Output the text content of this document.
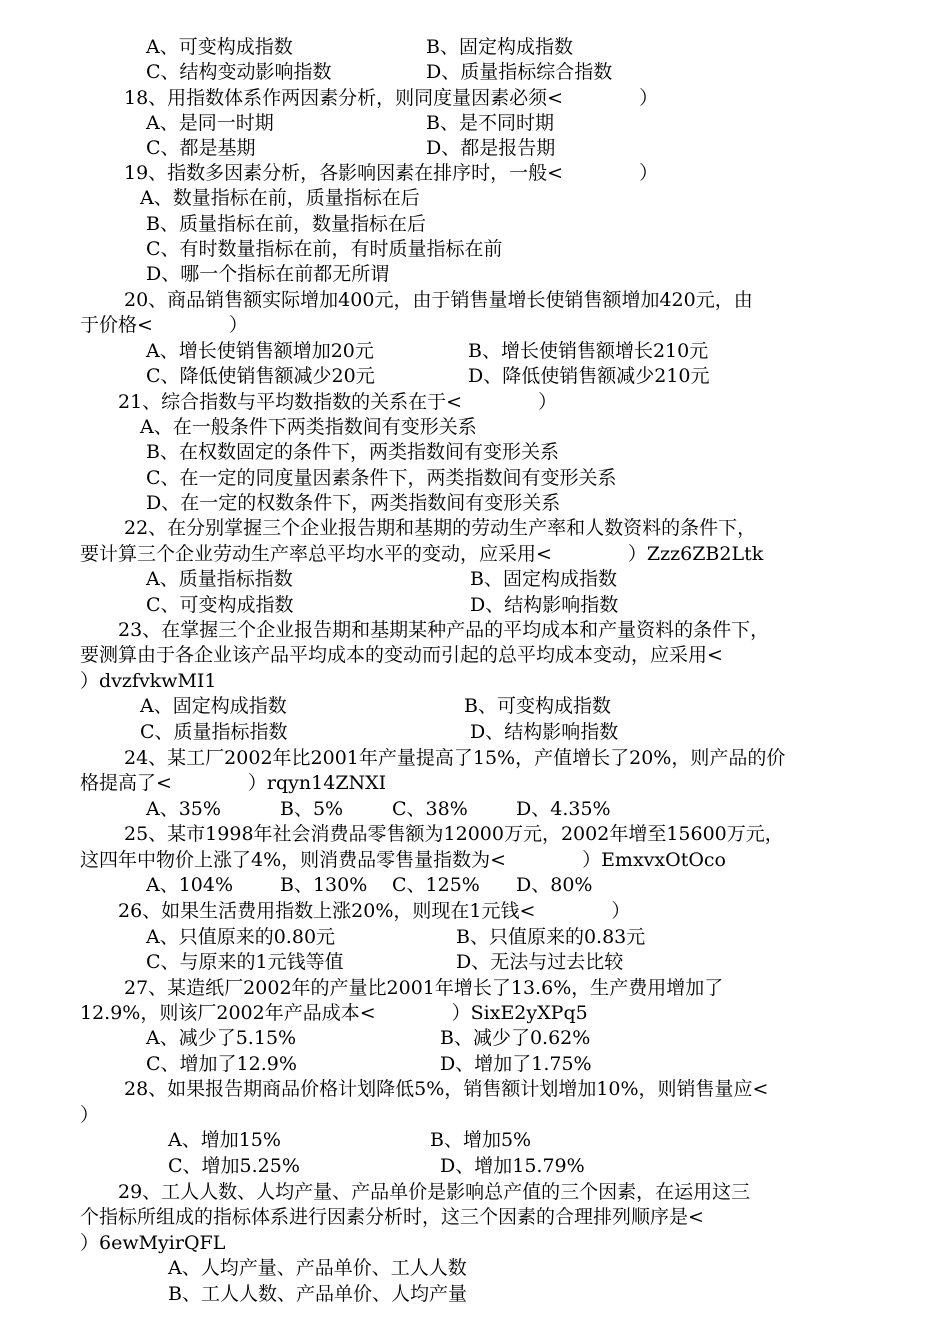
A、可变构成指数	B、固定构成指数
C、结构变动影响指数	D、质量指标综合指数
18、用指数体系作两因素分析，则同度量因素必须<　　　　）
A、是同一时期	B、是不同时期
C、都是基期	D、都是报告期
19、指数多因素分析，各影响因素在排序时，一般<　　　　）
A、数量指标在前，质量指标在后
B、质量指标在前，数量指标在后
C、有时数量指标在前，有时质量指标在前
D、哪一个指标在前都无所谓
20、商品销售额实际增加400元，由于销售量增长使销售额增加420元，由
于价格<　　　　）
A、增长使销售额增加20元	B、增长使销售额增长210元
C、降低使销售额减少20元	D、降低使销售额减少210元
21、综合指数与平均数指数的关系在于<　　　　）
A、在一般条件下两类指数间有变形关系
B、在权数固定的条件下，两类指数间有变形关系
C、在一定的同度量因素条件下，两类指数间有变形关系
D、在一定的权数条件下，两类指数间有变形关系
22、在分别掌握三个企业报告期和基期的劳动生产率和人数资料的条件下，
要计算三个企业劳动生产率总平均水平的变动，应采用<　　　　）Zzz6ZB2Ltk
A、质量指标指数	B、固定构成指数
C、可变构成指数	D、结构影响指数
23、在掌握三个企业报告期和基期某种产品的平均成本和产量资料的条件下，
要测算由于各企业该产品平均成本的变动而引起的总平均成本变动，应采用<
）dvzfvkwMI1
A、固定构成指数	B、可变构成指数
C、质量指标指数	D、结构影响指数
24、某工厂2002年比2001年产量提高了15%，产值增长了20%，则产品的价
格提高了<　　　　）rqyn14ZNXI
A、35%	B、5%	C、38%	D、4.35%
25、某市1998年社会消费品零售额为12000万元，2002年增至15600万元，
这四年中物价上涨了4%，则消费品零售量指数为<　　　　）EmxvxOtOco
A、104% B、130% C、125% D、80%
26、如果生活费用指数上涨20%，则现在1元钱<　　　　）
A、只值原来的0.80元	B、只值原来的0.83元
C、与原来的1元钱等值	D、无法与过去比较
27、某造纸厂2002年的产量比2001年增长了13.6%，生产费用增加了
12.9%，则该厂2002年产品成本<　　　　）SixE2yXPq5
A、减少了5.15%	B、减少了0.62%
C、增加了12.9%	D、增加了1.75%
28、如果报告期商品价格计划降低5%，销售额计划增加10%，则销售量应<
）
A、增加15%	B、增加5%
C、增加5.25%	D、增加15.79%
29、工人人数、人均产量、产品单价是影响总产值的三个因素，在运用这三
个指标所组成的指标体系进行因素分析时，这三个因素的合理排列顺序是<
）6ewMyirQFL
A、人均产量、产品单价、工人人数
B、工人人数、产品单价、人均产量
